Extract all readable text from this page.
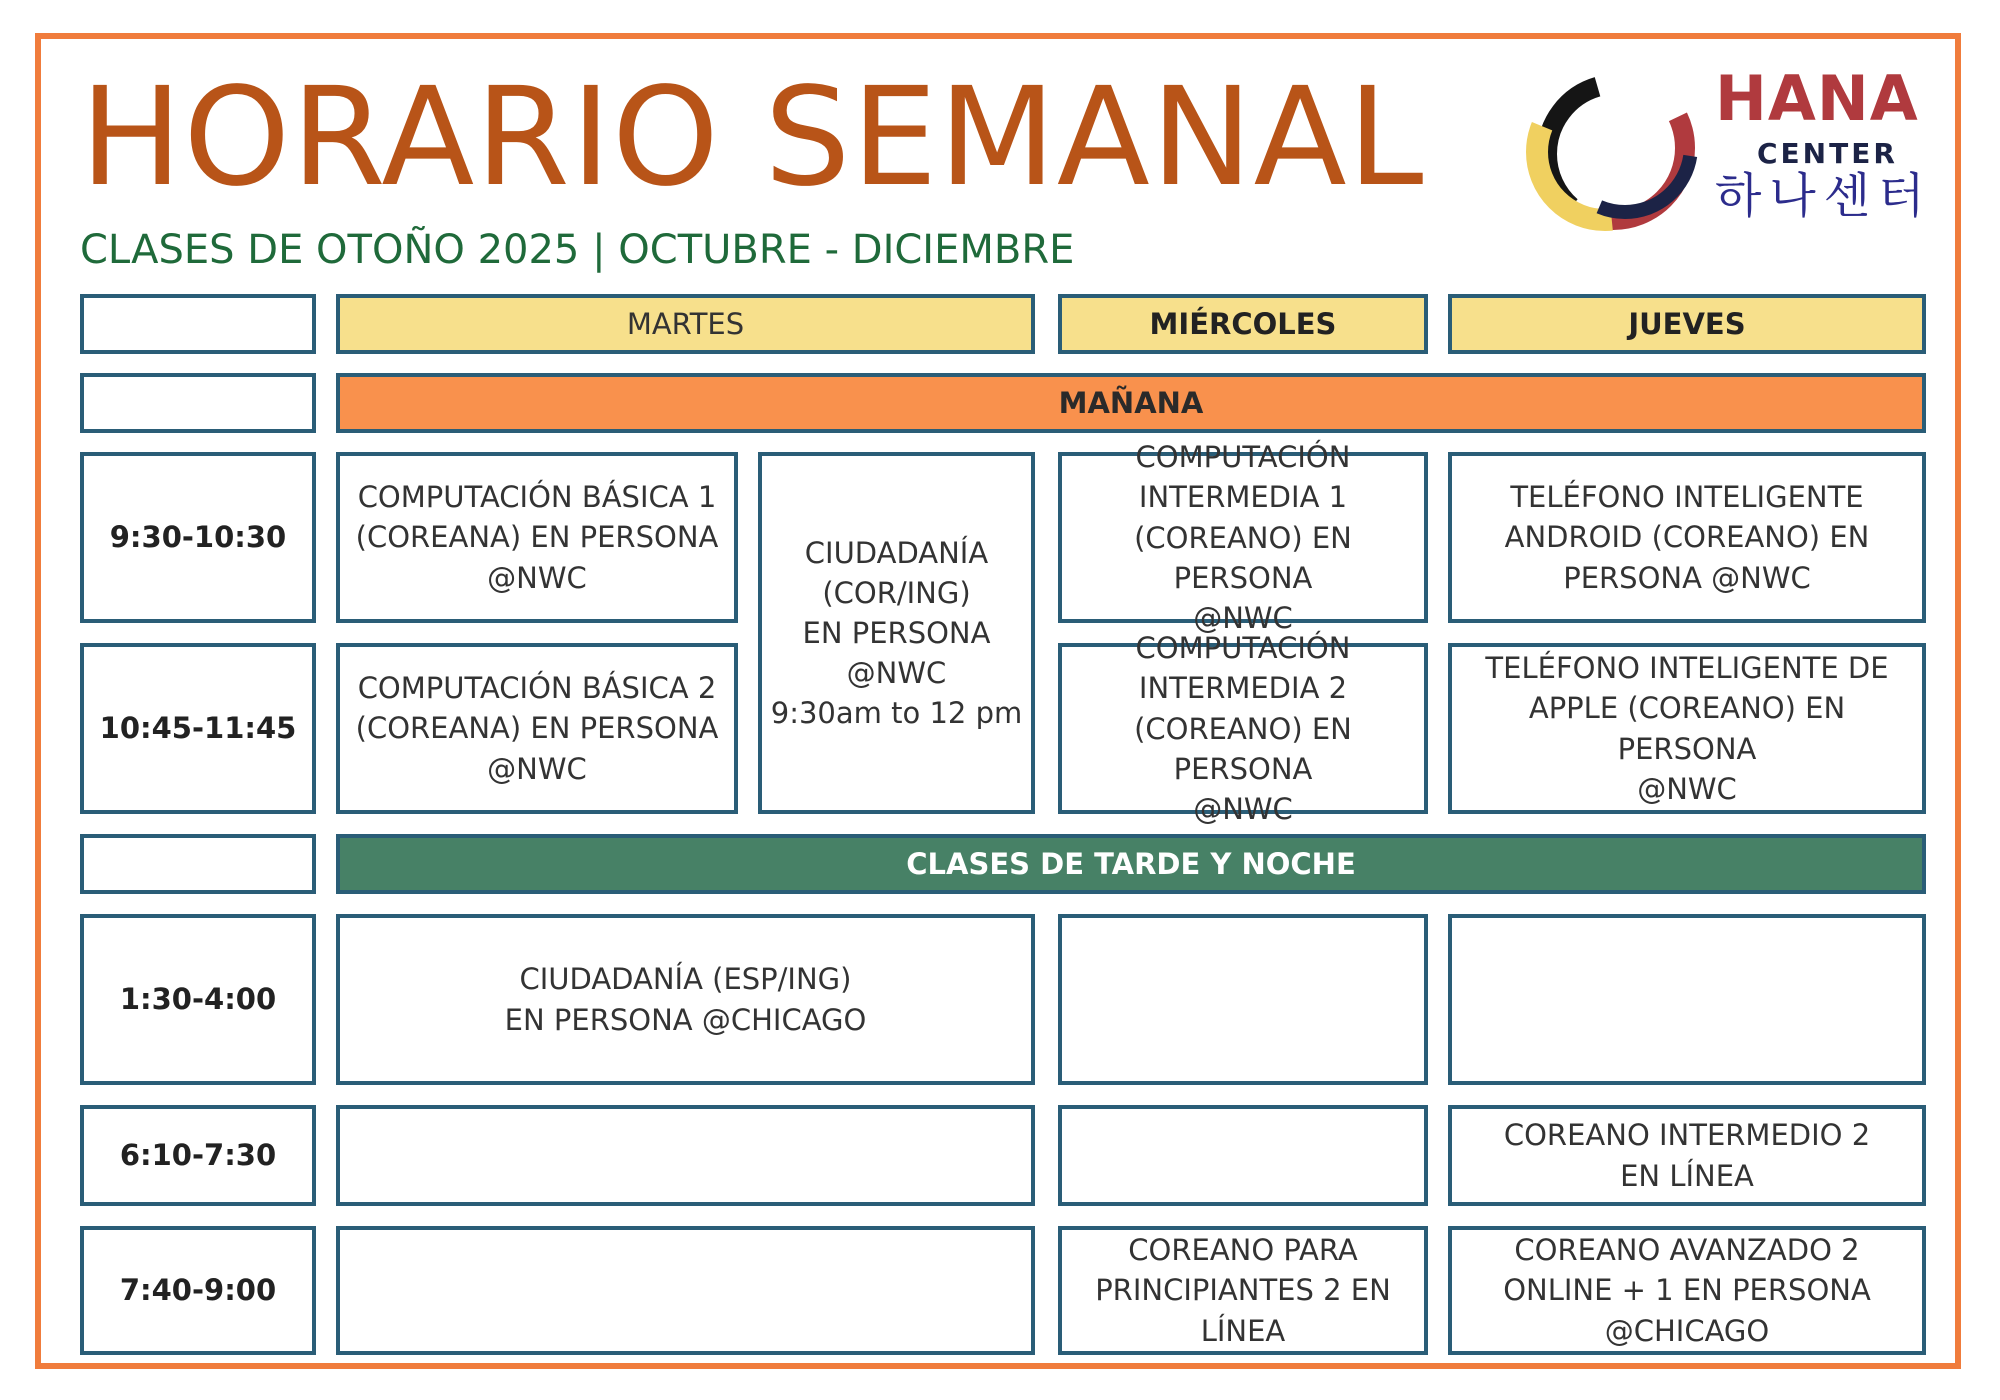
HORARIO SEMANAL
CLASES DE OTOÑO 2025 | OCTUBRE - DICIEMBRE
HANA
CENTER
하나센터
MARTES	MIÉRCOLES	JUEVES
MAÑANA
9:30-10:30
COMPUTACIÓN BÁSICA 1
(COREANA) EN PERSONA
@NWC
CIUDADANÍA
(COR/ING)
EN PERSONA
@NWC
9:30am to 12 pm
COMPUTACIÓN
INTERMEDIA 1
(COREANO) EN PERSONA
@NWC
TELÉFONO INTELIGENTE
ANDROID (COREANO) EN
PERSONA @NWC
10:45-11:45
COMPUTACIÓN BÁSICA 2
(COREANA) EN PERSONA
@NWC
COMPUTACIÓN
INTERMEDIA 2
(COREANO) EN PERSONA
@NWC
TELÉFONO INTELIGENTE DE
APPLE (COREANO) EN PERSONA
@NWC
CLASES DE TARDE Y NOCHE
1:30-4:00
CIUDADANÍA (ESP/ING)
EN PERSONA @CHICAGO
6:10-7:30
COREANO INTERMEDIO 2
EN LÍNEA
7:40-9:00
COREANO PARA
PRINCIPIANTES 2 EN
LÍNEA
COREANO AVANZADO 2
ONLINE + 1 EN PERSONA
@CHICAGO
